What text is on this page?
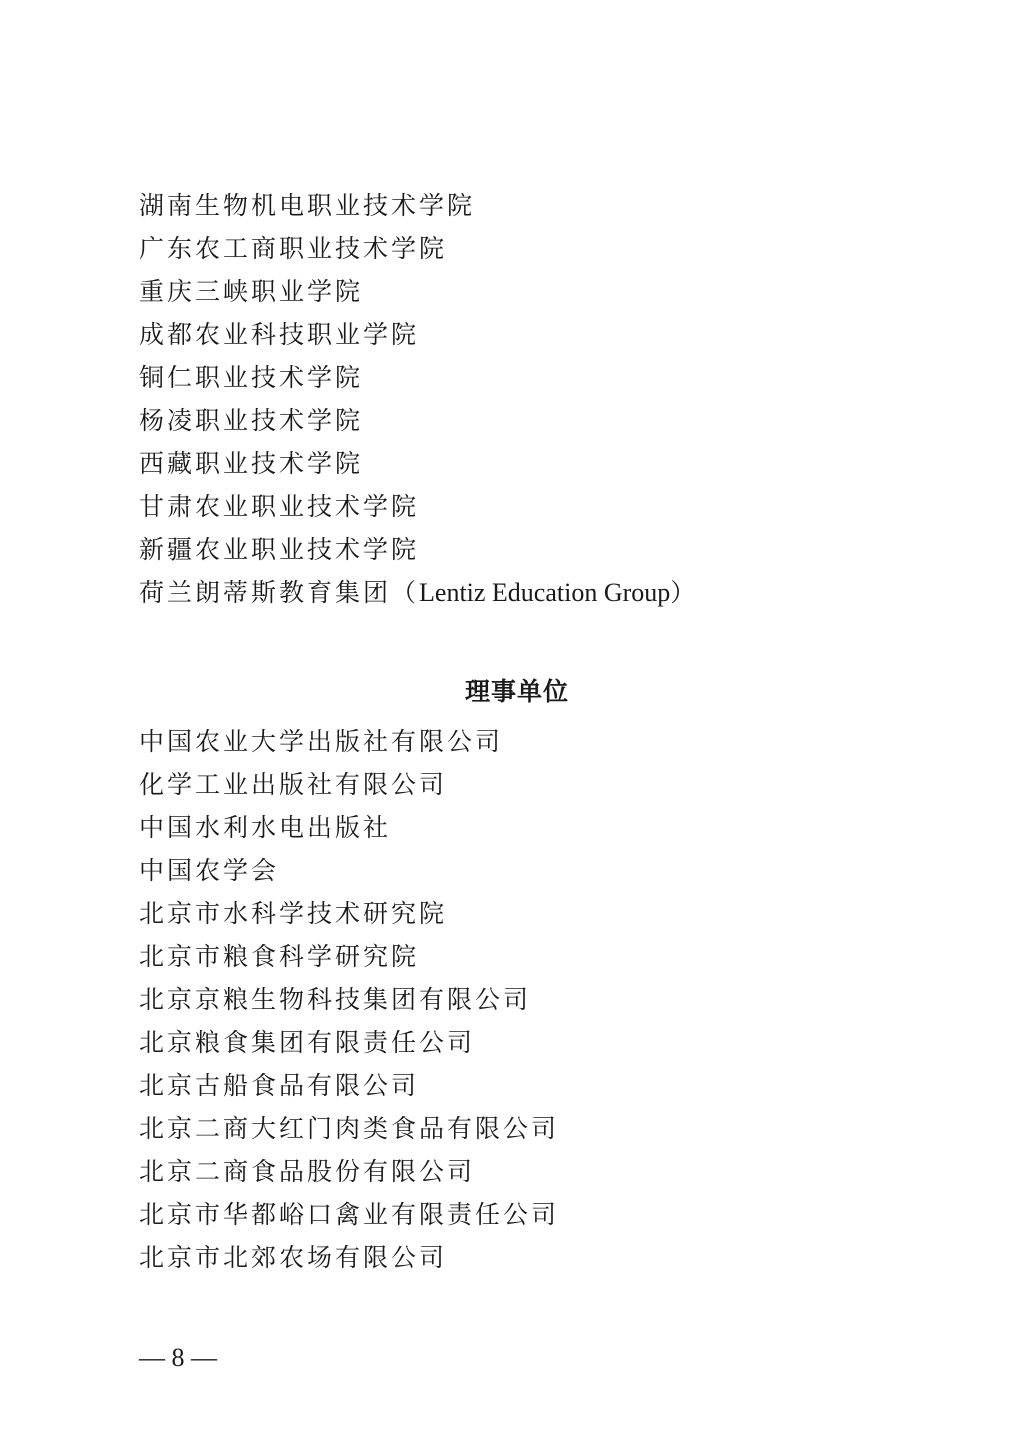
湖南生物机电职业技术学院
广东农工商职业技术学院
重庆三峡职业学院
成都农业科技职业学院
铜仁职业技术学院
杨凌职业技术学院
西藏职业技术学院
甘肃农业职业技术学院
新疆农业职业技术学院
荷兰朗蒂斯教育集团（Lentiz Education Group）
理事单位
中国农业大学出版社有限公司
化学工业出版社有限公司
中国水利水电出版社
中国农学会
北京市水科学技术研究院
北京市粮食科学研究院
北京京粮生物科技集团有限公司
北京粮食集团有限责任公司
北京古船食品有限公司
北京二商大红门肉类食品有限公司
北京二商食品股份有限公司
北京市华都峪口禽业有限责任公司
北京市北郊农场有限公司
— 8 —
